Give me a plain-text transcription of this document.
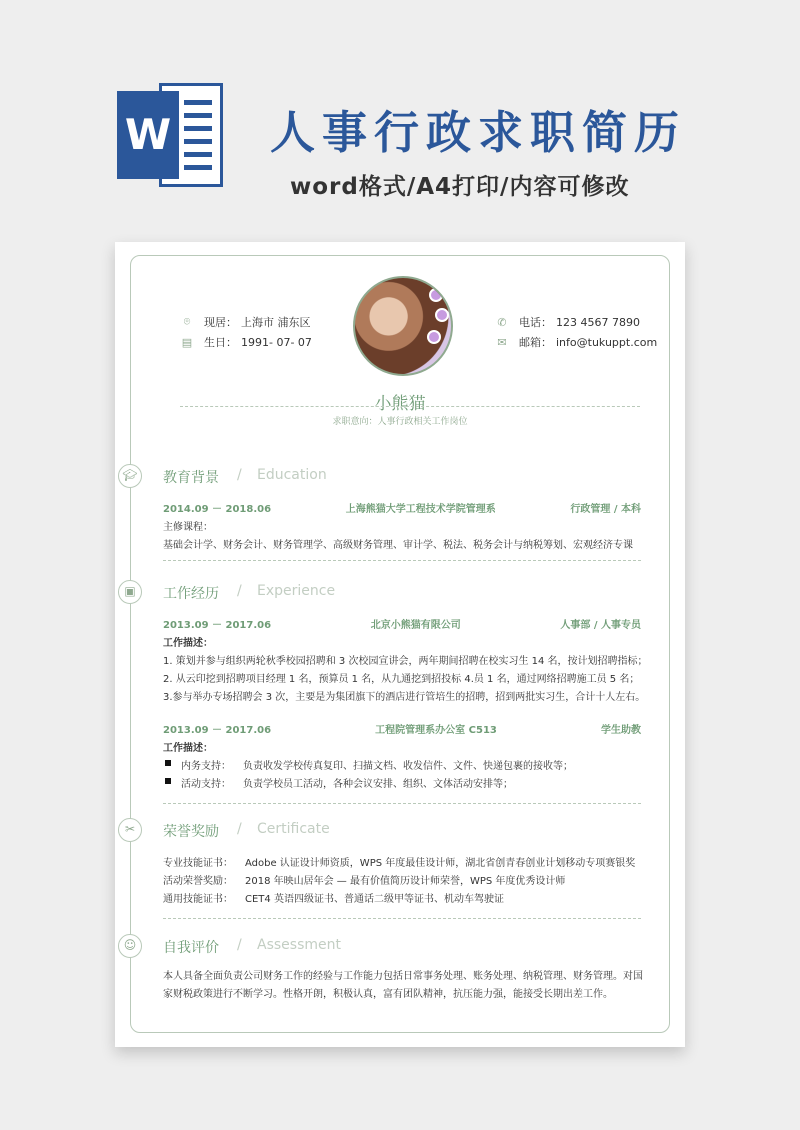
W 人事行政求职简历
word格式/A4打印/内容可修改
⌾	现居： 上海市 浦东区
▤ 生日： 1991- 07- 07
✆ 电话： 123 4567 7890
✉ 邮箱： info@tukuppt.com
小熊猫
求职意向：人事行政相关工作岗位
🎓︎	教育背景 / Education
2014.09 － 2018.06	上海熊猫大学工程技术学院管理系	行政管理 / 本科
主修课程：
基础会计学、财务会计、财务管理学、高级财务管理、审计学、税法、税务会计与纳税筹划、宏观经济专课
▣	工作经历 / Experience
2013.09 － 2017.06	北京小熊猫有限公司	人事部 / 人事专员
工作描述：
1. 策划并参与组织两轮秋季校园招聘和 3 次校园宣讲会，两年期间招聘在校实习生 14 名，按计划招聘指标；
2. 从云印挖到招聘项目经理 1 名，预算员 1 名，从九通挖到招投标 4.员 1 名，通过网络招聘施工员 5 名；
3.参与举办专场招聘会 3 次，主要是为集团旗下的酒店进行管培生的招聘，招到两批实习生，合计十人左右。
2013.09 － 2017.06	工程院管理系办公室 C513	学生助教
工作描述：
内务支持：	负责收发学校传真复印、扫描文档、收发信件、文件、快递包裹的接收等；
活动支持：	负责学校员工活动，各种会议安排、组织、文体活动安排等；
✂	荣誉奖励 / Certificate
专业技能证书：	Adobe 认证设计师资质，WPS 年度最佳设计师，湖北省创青春创业计划移动专项赛银奖
活动荣誉奖励：	2018 年映山居年会 — 最有价值简历设计师荣誉，WPS 年度优秀设计师
通用技能证书：	CET4 英语四级证书、普通话二级甲等证书、机动车驾驶证
☺	自我评价 / Assessment
本人具备全面负责公司财务工作的经验与工作能力包括日常事务处理、账务处理、纳税管理、财务管理。对国家财税政策进行不断学习。性格开朗，积极认真，富有团队精神，抗压能力强，能接受长期出差工作。
